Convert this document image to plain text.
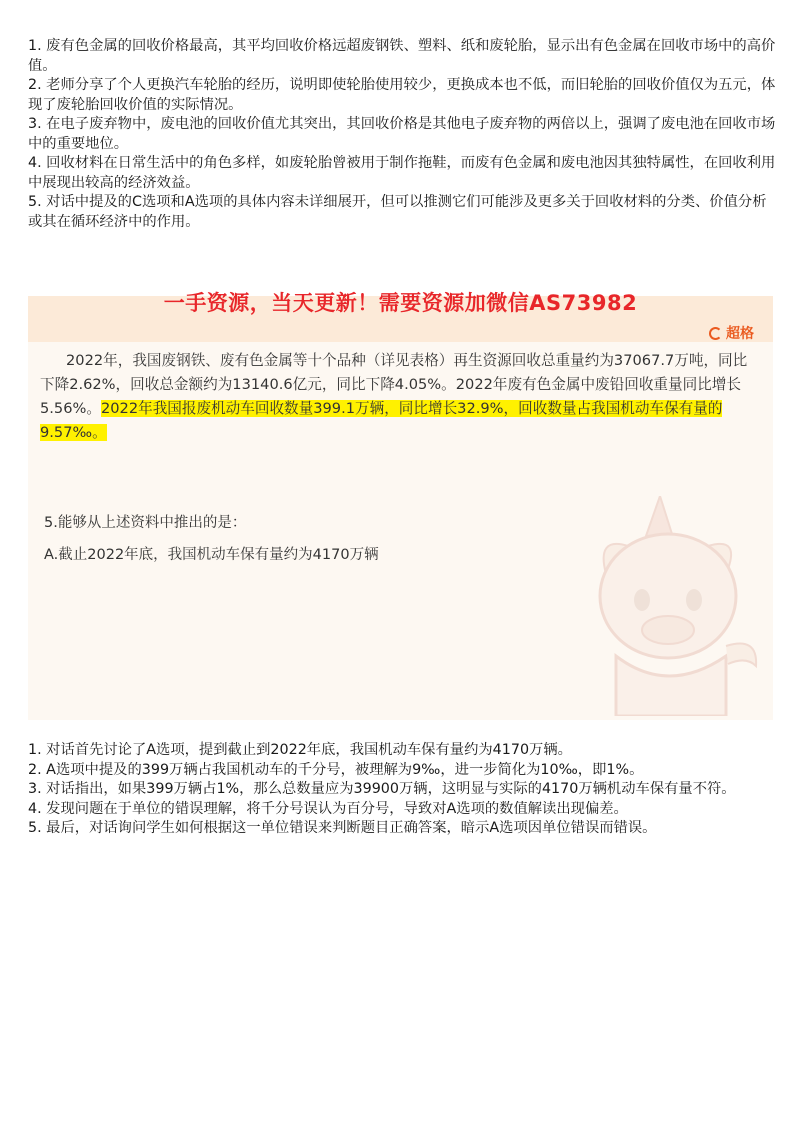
1. 废有色金属的回收价格最高，其平均回收价格远超废钢铁、塑料、纸和废轮胎，显示出有色金属在回收市场中的高价值。
2. 老师分享了个人更换汽车轮胎的经历，说明即使轮胎使用较少，更换成本也不低，而旧轮胎的回收价值仅为五元，体现了废轮胎回收价值的实际情况。
3. 在电子废弃物中，废电池的回收价值尤其突出，其回收价格是其他电子废弃物的两倍以上，强调了废电池在回收市场中的重要地位。
4. 回收材料在日常生活中的角色多样，如废轮胎曾被用于制作拖鞋，而废有色金属和废电池因其独特属性，在回收利用中展现出较高的经济效益。
5. 对话中提及的C选项和A选项的具体内容未详细展开，但可以推测它们可能涉及更多关于回收材料的分类、价值分析或其在循环经济中的作用。
一手资源，当天更新！需要资源加微信AS73982
超格
2022年，我国废钢铁、废有色金属等十个品种（详见表格）再生资源回收总重量约为37067.7万吨，同比下降2.62%，回收总金额约为13140.6亿元，同比下降4.05%。2022年废有色金属中废铅回收重量同比增长5.56%。2022年我国报废机动车回收数量399.1万辆，同比增长32.9%，回收数量占我国机动车保有量的9.57‰。
5.能够从上述资料中推出的是：
A.截止2022年底，我国机动车保有量约为4170万辆
1. 对话首先讨论了A选项，提到截止到2022年底，我国机动车保有量约为4170万辆。
2. A选项中提及的399万辆占我国机动车的千分号，被理解为9‰，进一步简化为10‰，即1%。
3. 对话指出，如果399万辆占1%，那么总数量应为39900万辆，这明显与实际的4170万辆机动车保有量不符。
4. 发现问题在于单位的错误理解，将千分号误认为百分号，导致对A选项的数值解读出现偏差。
5. 最后，对话询问学生如何根据这一单位错误来判断题目正确答案，暗示A选项因单位错误而错误。
